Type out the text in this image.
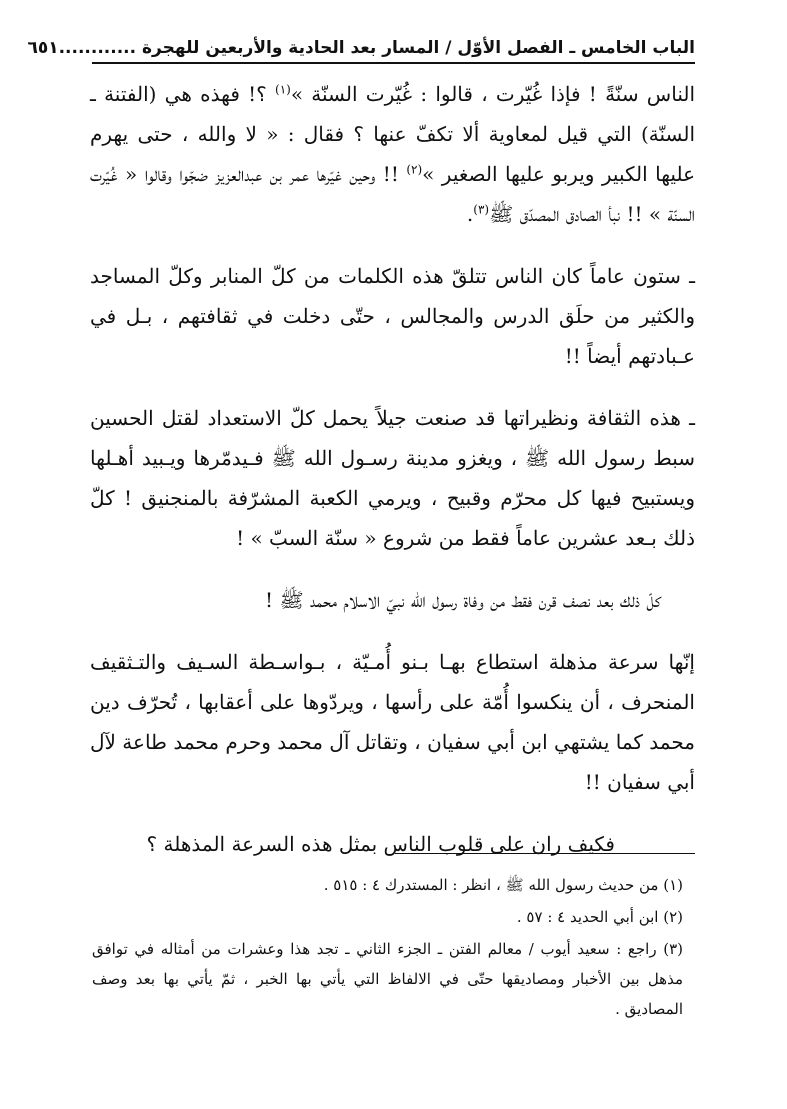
الباب الخامس ـ الفصل الأوّل / المسار بعد الحادية والأربعين للهجرة ............
٦٥١

الناس سنّةً ! فإذا غُيّرت ، قالوا : غُيّرت السنّة »$^{(١)}$ ؟! فهذه هي (الفتنة ـ السنّة) التي قيل لمعاوية ألا تكفّ عنها ؟ فقال : « لا والله ، حتى يهرم عليها الكبير ويربو عليها الصغير »$^{(٢)}$ !! وحين غيّرها عمر بن عبدالعزيز ضجّوا وقالوا « غُيّرت السنّة » !! نبأ الصادق المصدّق ﷺ$^{(٣)}$.

ـ ستون عاماً كان الناس تتلقّ هذه الكلمات من كلّ المنابر وكلّ المساجد والكثير من حلَق الدرس والمجالس ، حتّى دخلت في ثقافتهم ، بـل في عـبادتهم أيضاً !!

ـ هذه الثقافة ونظيراتها قد صنعت جيلاً يحمل كلّ الاستعداد لقتل الحسين سبط رسول الله ﷺ ، ويغزو مدينة رسـول الله ﷺ فـيدمّرها ويـبيد أهـلها ويستبيح فيها كل محرّم وقبيح ، ويرمي الكعبة المشرّفة بالمنجنيق ! كلّ ذلك بـعد عشرين عاماً فقط من شروع « سنّة السبّ » !

كلّ ذلك بعد نصف قرن فقط من وفاة رسول الله نبيّ الاسلام محمد ﷺ !

إنّها سرعة مذهلة استطاع بهـا بـنو أُمـيّة ، بـواسـطة السـيف والتـثقيف المنحرف ، أن ينكسوا أُمّة على رأسها ، ويردّوها على أعقابها ، تُحرّف دين محمد كما يشتهي ابن أبي سفيان ، وتقاتل آل محمد وحرم محمد طاعة لآل أبي سفيان !!

فكيف ران على قلوب الناس بمثل هذه السرعة المذهلة ؟

(١) من حديث رسول الله ﷺ ، انظر : المستدرك ٤ : ٥١٥ .

(٢) ابن أبي الحديد ٤ : ٥٧ .

(٣) راجع : سعيد أيوب / معالم الفتن ـ الجزء الثاني ـ تجد هذا وعشرات من أمثاله في توافق مذهل بين الأخبار ومصاديقها حتّى في الالفاظ التي يأتي بها الخبر ، ثمّ يأتي بها بعد وصف المصاديق .
